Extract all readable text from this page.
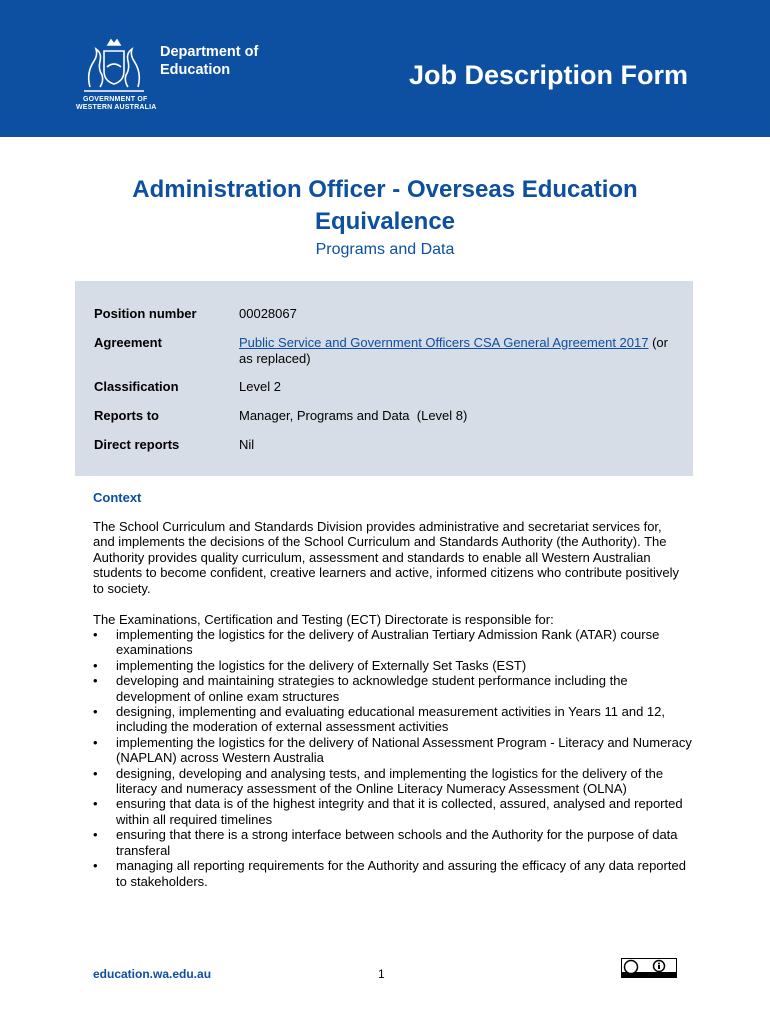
Department of
Education
GOVERNMENT OF
WESTERN AUSTRALIA
Job Description Form
Administration Officer - Overseas Education Equivalence
Programs and Data
Position number	00028067
Agreement	Public Service and Government Officers CSA General Agreement 2017 (or as replaced)
Classification	Level 2
Reports to	Manager, Programs and Data  (Level 8)
Direct reports	Nil
Context
The School Curriculum and Standards Division provides administrative and secretariat services for, and implements the decisions of the School Curriculum and Standards Authority (the Authority). The Authority provides quality curriculum, assessment and standards to enable all Western Australian students to become confident, creative learners and active, informed citizens who contribute positively to society.
The Examinations, Certification and Testing (ECT) Directorate is responsible for:
• implementing the logistics for the delivery of Australian Tertiary Admission Rank (ATAR) course examinations
• implementing the logistics for the delivery of Externally Set Tasks (EST)
• developing and maintaining strategies to acknowledge student performance including the development of online exam structures
• designing, implementing and evaluating educational measurement activities in Years 11 and 12, including the moderation of external assessment activities
• implementing the logistics for the delivery of National Assessment Program - Literacy and Numeracy (NAPLAN) across Western Australia
• designing, developing and analysing tests, and implementing the logistics for the delivery of the literacy and numeracy assessment of the Online Literacy Numeracy Assessment (OLNA)
• ensuring that data is of the highest integrity and that it is collected, assured, analysed and reported within all required timelines
• ensuring that there is a strong interface between schools and the Authority for the purpose of data transferal
• managing all reporting requirements for the Authority and assuring the efficacy of any data reported to stakeholders.
education.wa.edu.au	1
